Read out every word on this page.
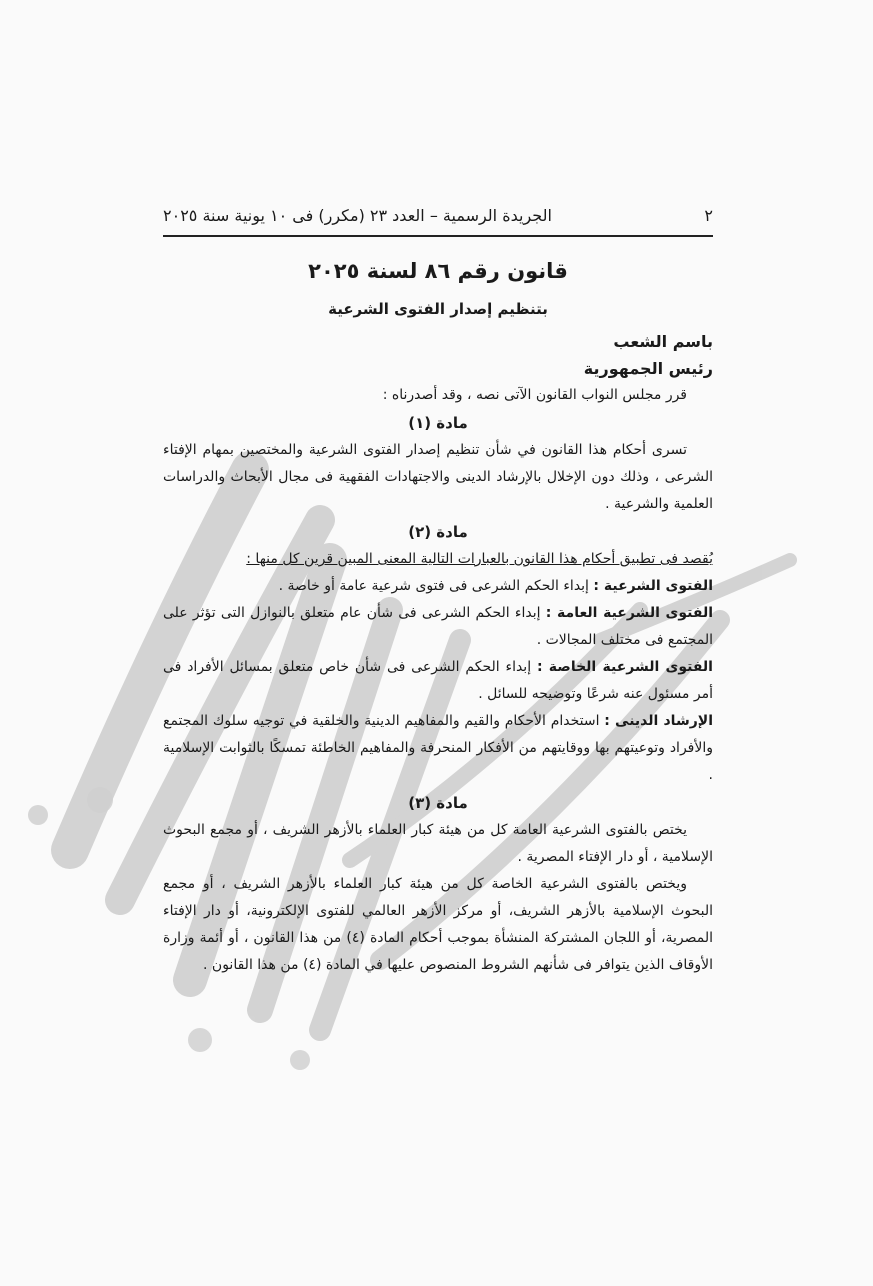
٢
الجريدة الرسمية – العدد ٢٣ (مكرر) فى ١٠ يونية سنة ٢٠٢٥
قانون رقم ٨٦ لسنة ٢٠٢٥
بتنظيم إصدار الفتوى الشرعية
باسم الشعب
رئيس الجمهورية

قرر مجلس النواب القانون الآتى نصه ، وقد أصدرناه :

مادة (١)

تسرى أحكام هذا القانون في شأن تنظيم إصدار الفتوى الشرعية والمختصين بمهام الإفتاء الشرعى ، وذلك دون الإخلال بالإرشاد الدينى والاجتهادات الفقهية فى مجال الأبحاث والدراسات العلمية والشرعية .

مادة (٢)

يُقصد فى تطبيق أحكام هذا القانون بالعبارات التالية المعنى المبين قرين كل منها :

الفتوى الشرعية : إبداء الحكم الشرعى فى فتوى شرعية عامة أو خاصة .

الفتوى الشرعية العامة : إبداء الحكم الشرعى فى شأن عام متعلق بالنوازل التى تؤثر على المجتمع فى مختلف المجالات .

الفتوى الشرعية الخاصة : إبداء الحكم الشرعى فى شأن خاص متعلق بمسائل الأفراد فى أمر مسئول عنه شرعًا وتوضيحه للسائل .

الإرشاد الدينى : استخدام الأحكام والقيم والمفاهيم الدينية والخلقية في توجيه سلوك المجتمع والأفراد وتوعيتهم بها ووقايتهم من الأفكار المنحرفة والمفاهيم الخاطئة تمسكًا بالثوابت الإسلامية .

مادة (٣)

يختص بالفتوى الشرعية العامة كل من هيئة كبار العلماء بالأزهر الشريف ، أو مجمع البحوث الإسلامية ، أو دار الإفتاء المصرية .

ويختص بالفتوى الشرعية الخاصة كل من هيئة كبار العلماء بالأزهر الشريف ، أو مجمع البحوث الإسلامية بالأزهر الشريف، أو مركز الأزهر العالمي للفتوى الإلكترونية، أو دار الإفتاء المصرية، أو اللجان المشتركة المنشأة بموجب أحكام المادة (٤) من هذا القانون ، أو أئمة وزارة الأوقاف الذين يتوافر فى شأنهم الشروط المنصوص عليها في المادة (٤) من هذا القانون .
